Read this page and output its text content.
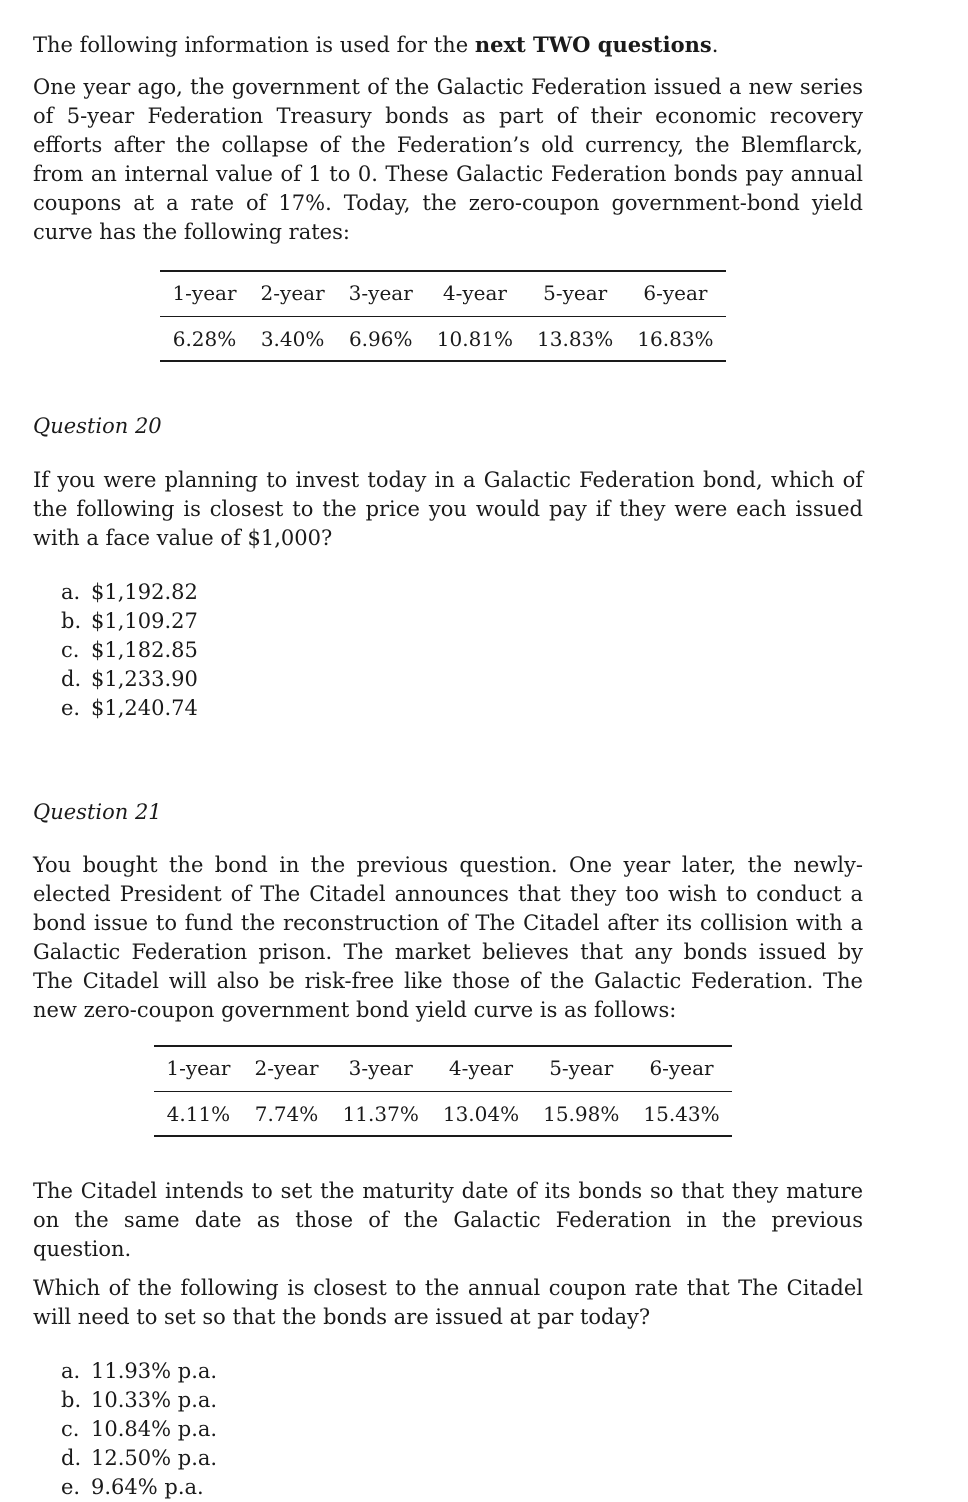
The following information is used for the next TWO questions.

One year ago, the government of the Galactic Federation issued a new series of 5-year Federation Treasury bonds as part of their economic recovery efforts after the collapse of the Federation’s old currency, the Blemflarck, from an internal value of 1 to 0. These Galactic Federation bonds pay annual coupons at a rate of 17%. Today, the zero-coupon government-bond yield curve has the following rates:

1-year	2-year	3-year	4-year	5-year	6-year
6.28%	3.40%	6.96%	10.81%	13.83%	16.83%

Question 20

If you were planning to invest today in a Galactic Federation bond, which of the following is closest to the price you would pay if they were each issued with a face value of $1,000?

a. $1,192.82
b. $1,109.27
c. $1,182.85
d. $1,233.90
e. $1,240.74

Question 21

You bought the bond in the previous question. One year later, the newly-elected President of The Citadel announces that they too wish to conduct a bond issue to fund the reconstruction of The Citadel after its collision with a Galactic Federation prison. The market believes that any bonds issued by The Citadel will also be risk-free like those of the Galactic Federation. The new zero-coupon government bond yield curve is as follows:

1-year	2-year	3-year	4-year	5-year	6-year
4.11%	7.74%	11.37%	13.04%	15.98%	15.43%

The Citadel intends to set the maturity date of its bonds so that they mature on the same date as those of the Galactic Federation in the previous question.

Which of the following is closest to the annual coupon rate that The Citadel will need to set so that the bonds are issued at par today?

a. 11.93% p.a.
b. 10.33% p.a.
c. 10.84% p.a.
d. 12.50% p.a.
e. 9.64% p.a.
